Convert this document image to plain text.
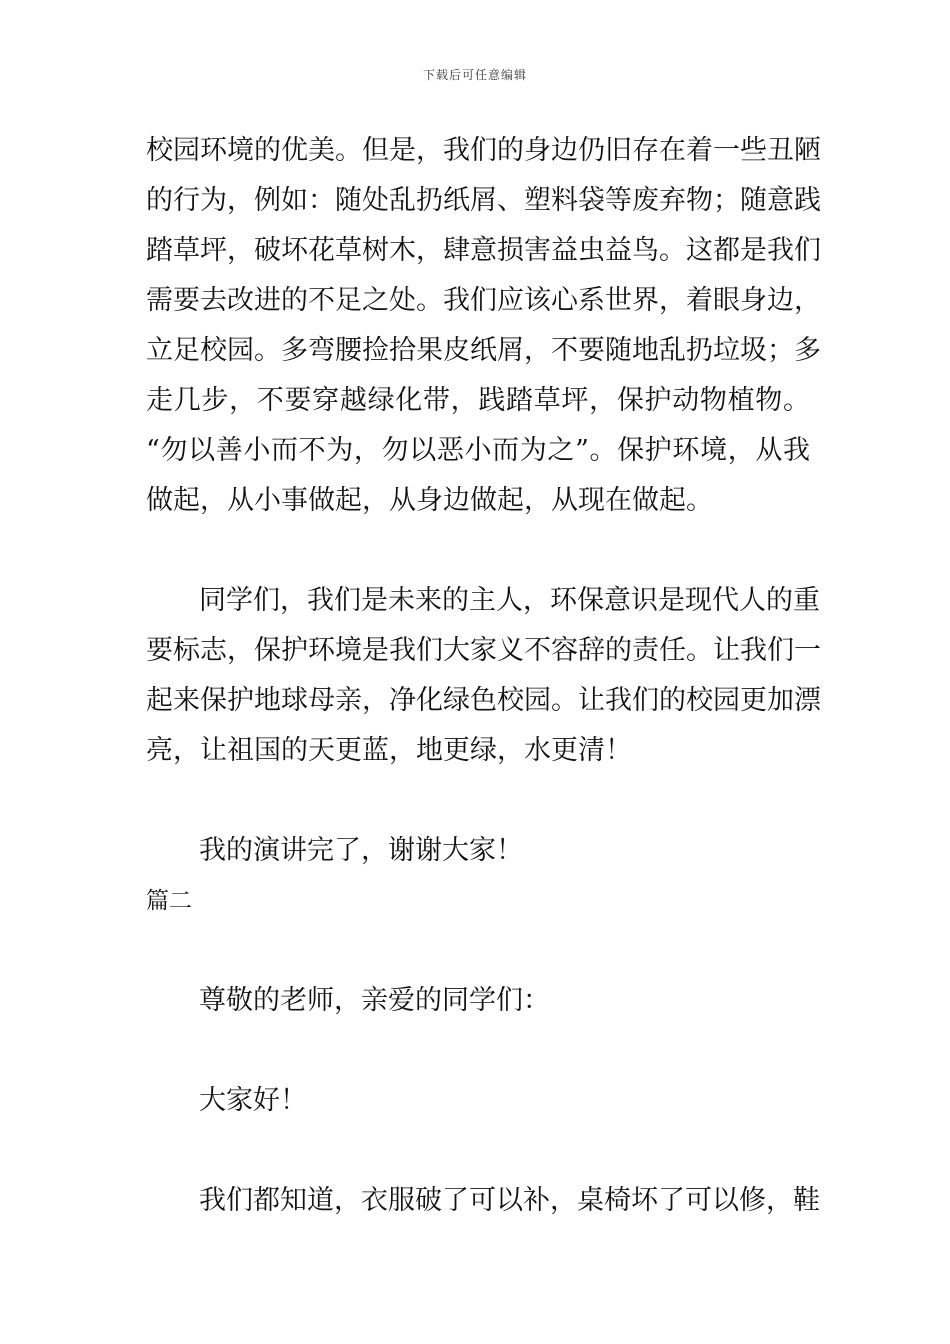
下载后可任意编辑
校园环境的优美。但是，我们的身边仍旧存在着一些丑陋
的行为，例如：随处乱扔纸屑、塑料袋等废弃物；随意践
踏草坪，破坏花草树木，肆意损害益虫益鸟。这都是我们
需要去改进的不足之处。我们应该心系世界，着眼身边，
立足校园。多弯腰捡拾果皮纸屑，不要随地乱扔垃圾；多
走几步，不要穿越绿化带，践踏草坪，保护动物植物。
“勿以善小而不为，勿以恶小而为之”。保护环境，从我
做起，从小事做起，从身边做起，从现在做起。
同学们，我们是未来的主人，环保意识是现代人的重
要标志，保护环境是我们大家义不容辞的责任。让我们一
起来保护地球母亲，净化绿色校园。让我们的校园更加漂
亮，让祖国的天更蓝，地更绿，水更清！
我的演讲完了，谢谢大家！
篇二
尊敬的老师，亲爱的同学们：
大家好！
我们都知道，衣服破了可以补，桌椅坏了可以修，鞋
